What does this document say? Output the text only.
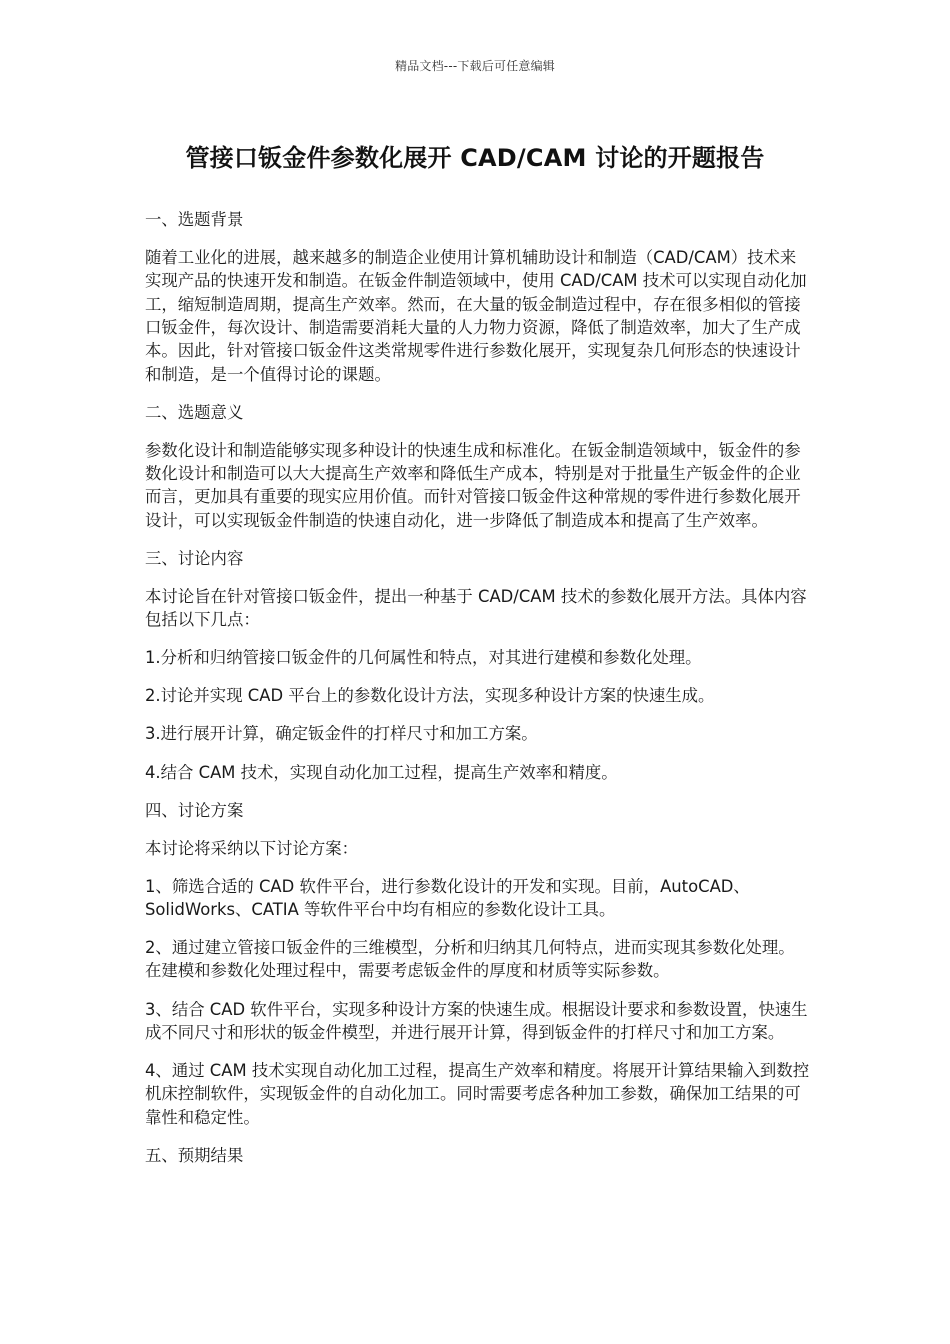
精品文档---下载后可任意编辑
管接口钣金件参数化展开 CAD/CAM 讨论的开题报告

一、选题背景

随着工业化的进展，越来越多的制造企业使用计算机辅助设计和制造（CAD/CAM）技术来实现产品的快速开发和制造。在钣金件制造领域中，使用 CAD/CAM 技术可以实现自动化加工，缩短制造周期，提高生产效率。然而，在大量的钣金制造过程中，存在很多相似的管接口钣金件，每次设计、制造需要消耗大量的人力物力资源，降低了制造效率，加大了生产成本。因此，针对管接口钣金件这类常规零件进行参数化展开，实现复杂几何形态的快速设计和制造，是一个值得讨论的课题。

二、选题意义

参数化设计和制造能够实现多种设计的快速生成和标准化。在钣金制造领域中，钣金件的参数化设计和制造可以大大提高生产效率和降低生产成本，特别是对于批量生产钣金件的企业而言，更加具有重要的现实应用价值。而针对管接口钣金件这种常规的零件进行参数化展开设计，可以实现钣金件制造的快速自动化，进一步降低了制造成本和提高了生产效率。

三、讨论内容

本讨论旨在针对管接口钣金件，提出一种基于 CAD/CAM 技术的参数化展开方法。具体内容包括以下几点：

1.分析和归纳管接口钣金件的几何属性和特点，对其进行建模和参数化处理。

2.讨论并实现 CAD 平台上的参数化设计方法，实现多种设计方案的快速生成。

3.进行展开计算，确定钣金件的打样尺寸和加工方案。

4.结合 CAM 技术，实现自动化加工过程，提高生产效率和精度。

四、讨论方案

本讨论将采纳以下讨论方案：

1、筛选合适的 CAD 软件平台，进行参数化设计的开发和实现。目前，AutoCAD、SolidWorks、CATIA 等软件平台中均有相应的参数化设计工具。

2、通过建立管接口钣金件的三维模型，分析和归纳其几何特点，进而实现其参数化处理。在建模和参数化处理过程中，需要考虑钣金件的厚度和材质等实际参数。

3、结合 CAD 软件平台，实现多种设计方案的快速生成。根据设计要求和参数设置，快速生成不同尺寸和形状的钣金件模型，并进行展开计算，得到钣金件的打样尺寸和加工方案。

4、通过 CAM 技术实现自动化加工过程，提高生产效率和精度。将展开计算结果输入到数控机床控制软件，实现钣金件的自动化加工。同时需要考虑各种加工参数，确保加工结果的可靠性和稳定性。

五、预期结果
